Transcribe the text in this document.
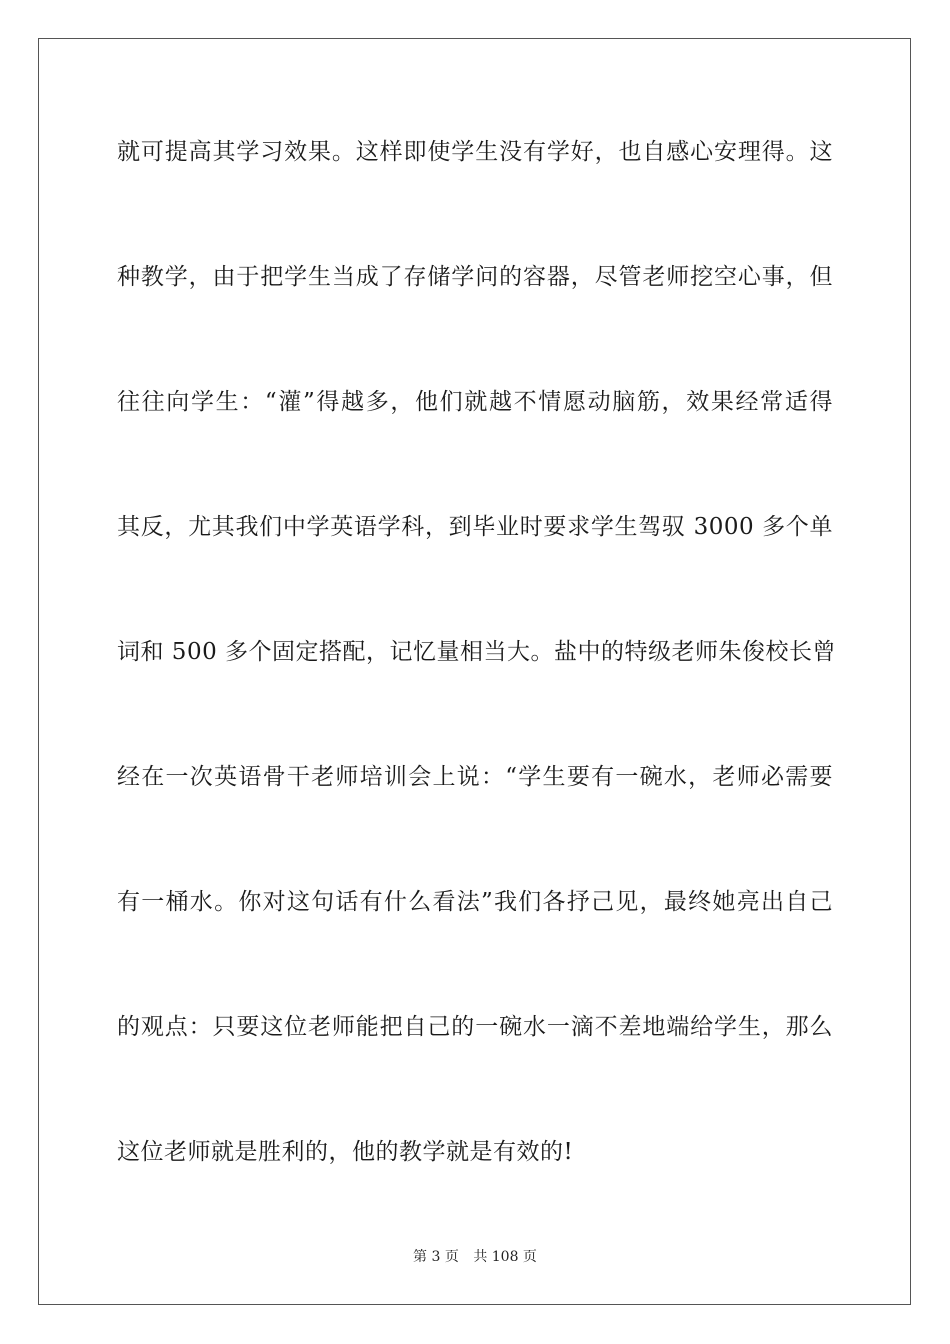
就可提高其学习效果。这样即使学生没有学好，也自感心安理得。这
种教学，由于把学生当成了存储学问的容器，尽管老师挖空心事，但
往往向学生：“灌”得越多，他们就越不情愿动脑筋，效果经常适得
其反，尤其我们中学英语学科，到毕业时要求学生驾驭 3000 多个单
词和 500 多个固定搭配，记忆量相当大。盐中的特级老师朱俊校长曾
经在一次英语骨干老师培训会上说：“学生要有一碗水，老师必需要
有一桶水。你对这句话有什么看法”我们各抒己见，最终她亮出自己
的观点：只要这位老师能把自己的一碗水一滴不差地端给学生，那么
这位老师就是胜利的，他的教学就是有效的!
第 3 页 共 108 页
